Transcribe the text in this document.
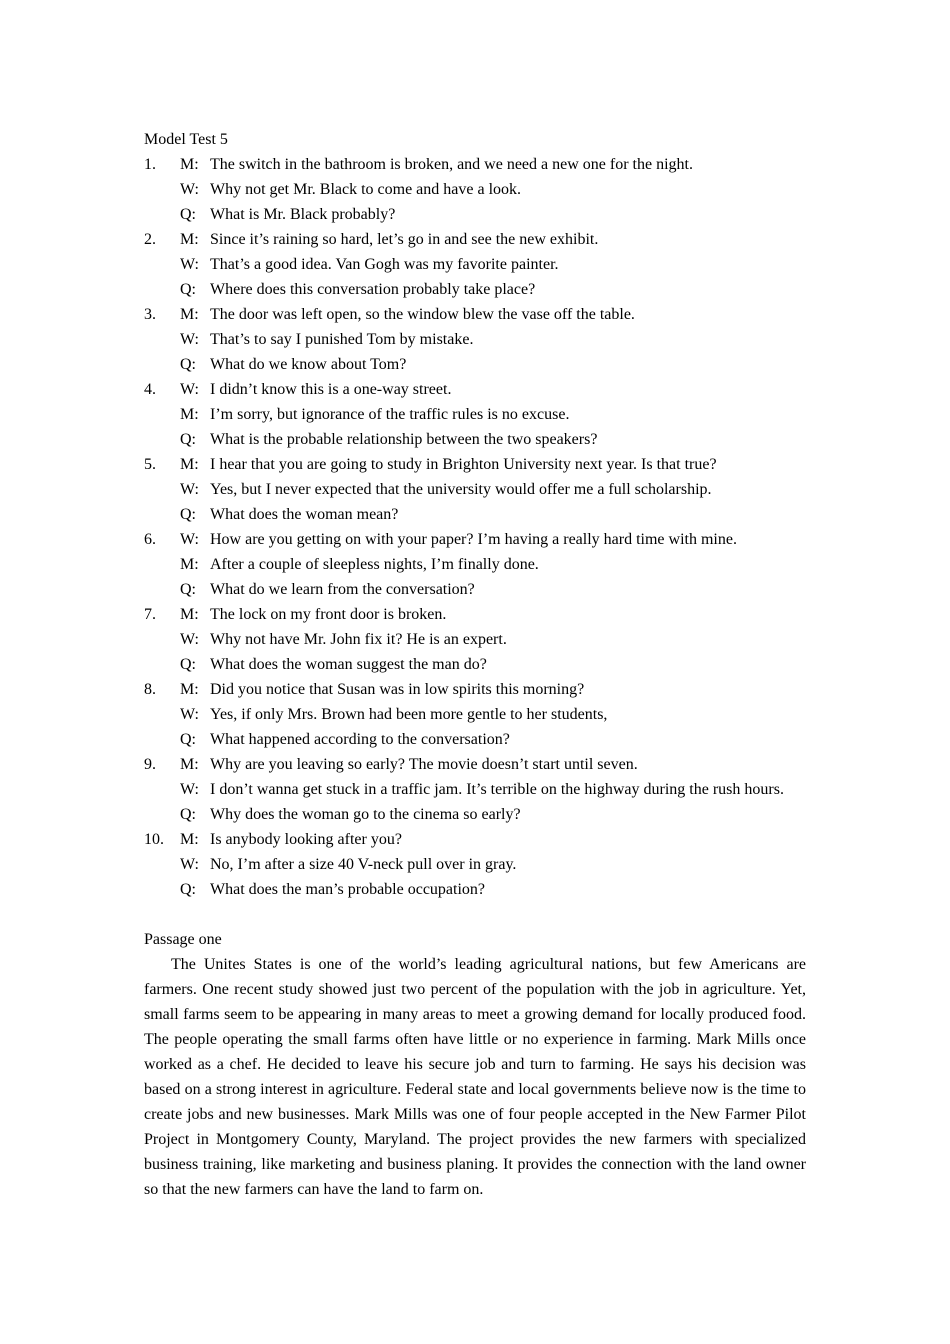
Model Test 5
1.	M: The switch in the bathroom is broken, and we need a new one for the night.
W: Why not get Mr. Black to come and have a look.
Q: What is Mr. Black probably?
2.	M: Since it’s raining so hard, let’s go in and see the new exhibit.
W: That’s a good idea. Van Gogh was my favorite painter.
Q: Where does this conversation probably take place?
3.	M: The door was left open, so the window blew the vase off the table.
W: That’s to say I punished Tom by mistake.
Q: What do we know about Tom?
4.	W: I didn’t know this is a one-way street.
M: I’m sorry, but ignorance of the traffic rules is no excuse.
Q: What is the probable relationship between the two speakers?
5.	M: I hear that you are going to study in Brighton University next year. Is that true?
W: Yes, but I never expected that the university would offer me a full scholarship.
Q: What does the woman mean?
6.	W: How are you getting on with your paper? I’m having a really hard time with mine.
M: After a couple of sleepless nights, I’m finally done.
Q: What do we learn from the conversation?
7.	M: The lock on my front door is broken.
W: Why not have Mr. John fix it? He is an expert.
Q: What does the woman suggest the man do?
8.	M: Did you notice that Susan was in low spirits this morning?
W: Yes, if only Mrs. Brown had been more gentle to her students,
Q: What happened according to the conversation?
9.	M: Why are you leaving so early? The movie doesn’t start until seven.
W: I don’t wanna get stuck in a traffic jam. It’s terrible on the highway during the rush hours.
Q: Why does the woman go to the cinema so early?
10.	M: Is anybody looking after you?
W: No, I’m after a size 40 V-neck pull over in gray.
Q: What does the man’s probable occupation?
Passage one
The Unites States is one of the world’s leading agricultural nations, but few Americans are farmers. One recent study showed just two percent of the population with the job in agriculture. Yet, small farms seem to be appearing in many areas to meet a growing demand for locally produced food. The people operating the small farms often have little or no experience in farming. Mark Mills once worked as a chef. He decided to leave his secure job and turn to farming. He says his decision was based on a strong interest in agriculture. Federal state and local governments believe now is the time to create jobs and new businesses. Mark Mills was one of four people accepted in the New Farmer Pilot Project in Montgomery County, Maryland. The project provides the new farmers with specialized business training, like marketing and business planing. It provides the connection with the land owner so that the new farmers can have the land to farm on.
